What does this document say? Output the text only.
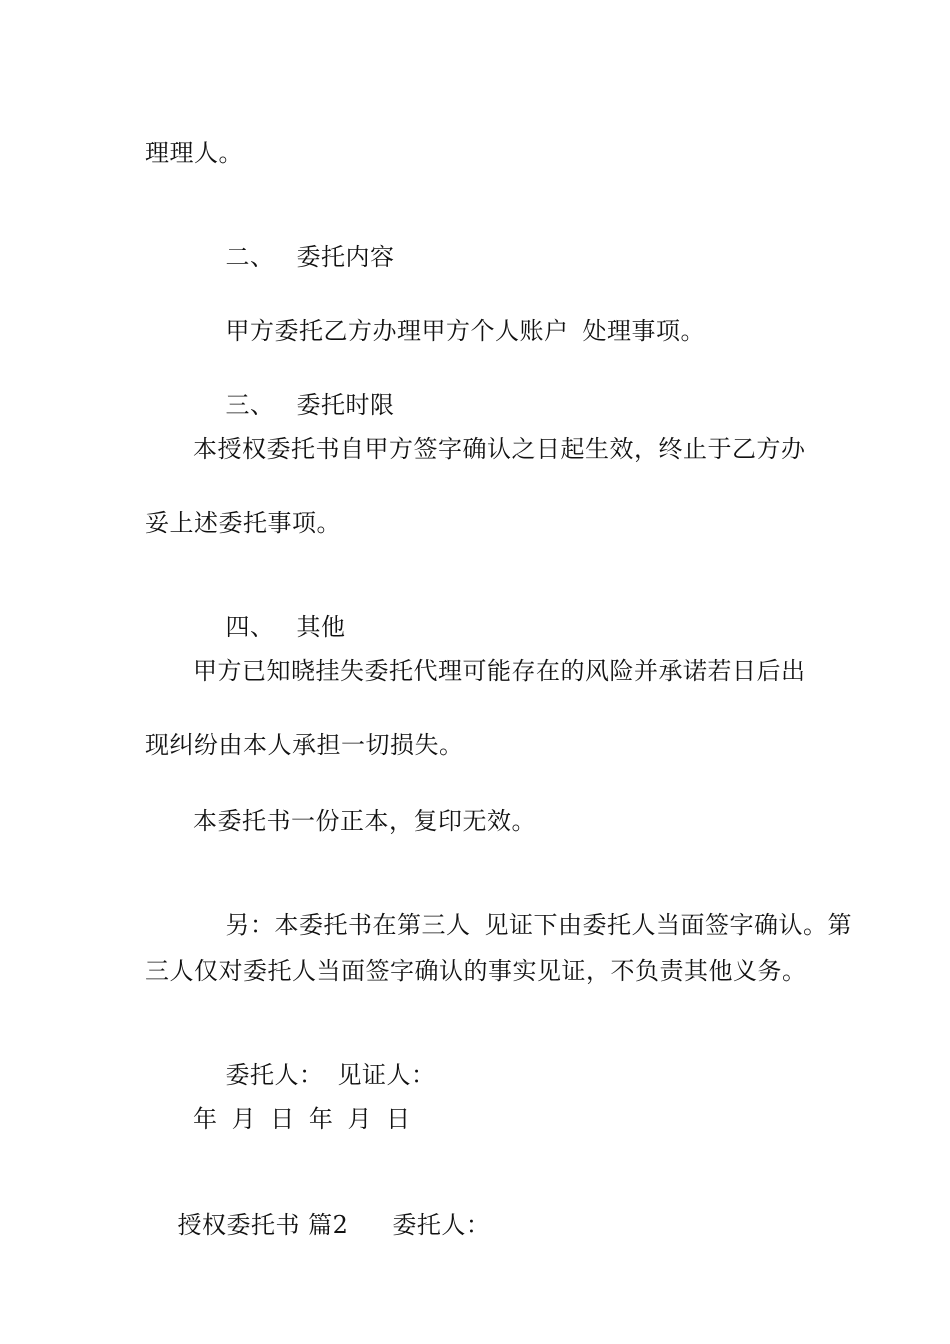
理理人。

二、 委托内容

甲方委托乙方办理甲方个人账户 处理事项。

三、 委托时限

本授权委托书自甲方签字确认之日起生效，终止于乙方办
妥上述委托事项。

四、 其他

甲方已知晓挂失委托代理可能存在的风险并承诺若日后出
现纠纷由本人承担一切损失。
本委托书一份正本，复印无效。

另：本委托书在第三人 见证下由委托人当面签字确认。第

三人仅对委托人当面签字确认的事实见证，不负责其他义务。

委托人： 见证人：

年 月 日 年 月 日

授权委托书 篇2 委托人：
